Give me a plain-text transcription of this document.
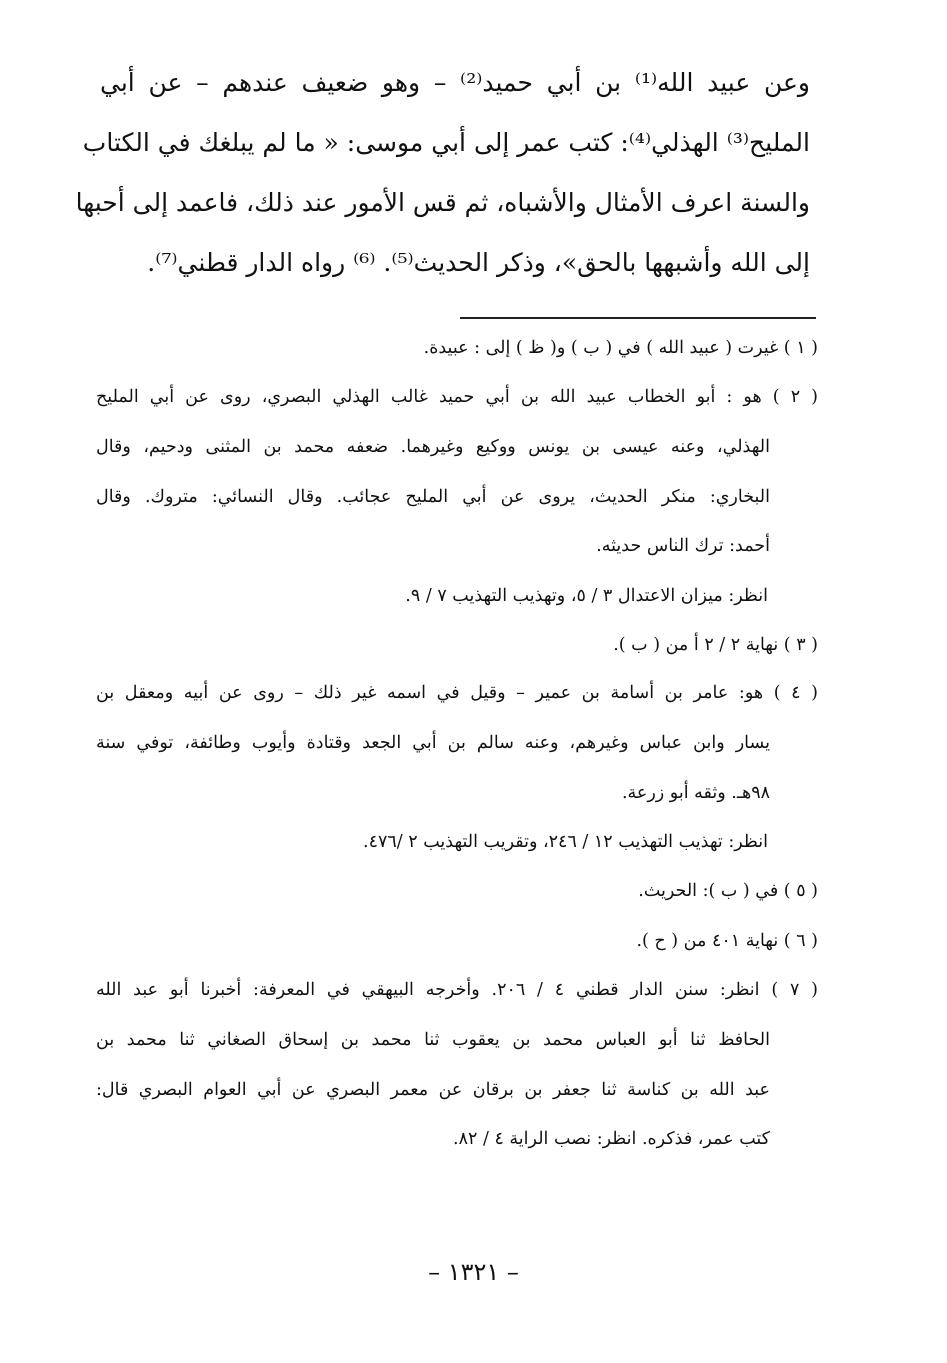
وعن عبيد الله⁽¹⁾ بن أبي حميد⁽²⁾ – وهو ضعيف عندهم – عن أبي
المليح⁽³⁾ الهذلي⁽⁴⁾: كتب عمر إلى أبي موسى: « ما لم يبلغك في الكتاب
والسنة اعرف الأمثال والأشباه، ثم قس الأمور عند ذلك، فاعمد إلى أحبها
إلى الله وأشبهها بالحق»، وذكر الحديث⁽⁵⁾. ⁽⁶⁾ رواه الدار قطني⁽⁷⁾.
( ١ ) غيرت ( عبيد الله ) في ( ب ) و( ظ ) إلى : عبيدة.
( ٢ ) هو : أبو الخطاب عبيد الله بن أبي حميد غالب الهذلي البصري، روى عن أبي المليح
الهذلي، وعنه عيسى بن يونس ووكيع وغيرهما. ضعفه محمد بن المثنى ودحيم، وقال
البخاري: منكر الحديث، يروى عن أبي المليح عجائب. وقال النسائي: متروك. وقال
أحمد: ترك الناس حديثه.
انظر: ميزان الاعتدال ٣ / ٥، وتهذيب التهذيب ٧ / ٩.
( ٣ ) نهاية ٢ / ٢ أ من ( ب ).
( ٤ ) هو: عامر بن أسامة بن عمير – وقيل في اسمه غير ذلك – روى عن أبيه ومعقل بن
يسار وابن عباس وغيرهم، وعنه سالم بن أبي الجعد وقتادة وأيوب وطائفة، توفي سنة
٩٨هـ. وثقه أبو زرعة.
انظر: تهذيب التهذيب ١٢ / ٢٤٦، وتقريب التهذيب ٢ /٤٧٦.
( ٥ ) في ( ب ): الحريث.
( ٦ ) نهاية ٤٠١ من ( ح ).
( ٧ ) انظر: سنن الدار قطني ٤ / ٢٠٦. وأخرجه البيهقي في المعرفة: أخبرنا أبو عبد الله
الحافظ ثنا أبو العباس محمد بن يعقوب ثنا محمد بن إسحاق الصغاني ثنا محمد بن
عبد الله بن كناسة ثنا جعفر بن برقان عن معمر البصري عن أبي العوام البصري قال:
كتب عمر، فذكره. انظر: نصب الراية ٤ / ٨٢.
– ١٣٢١ –
